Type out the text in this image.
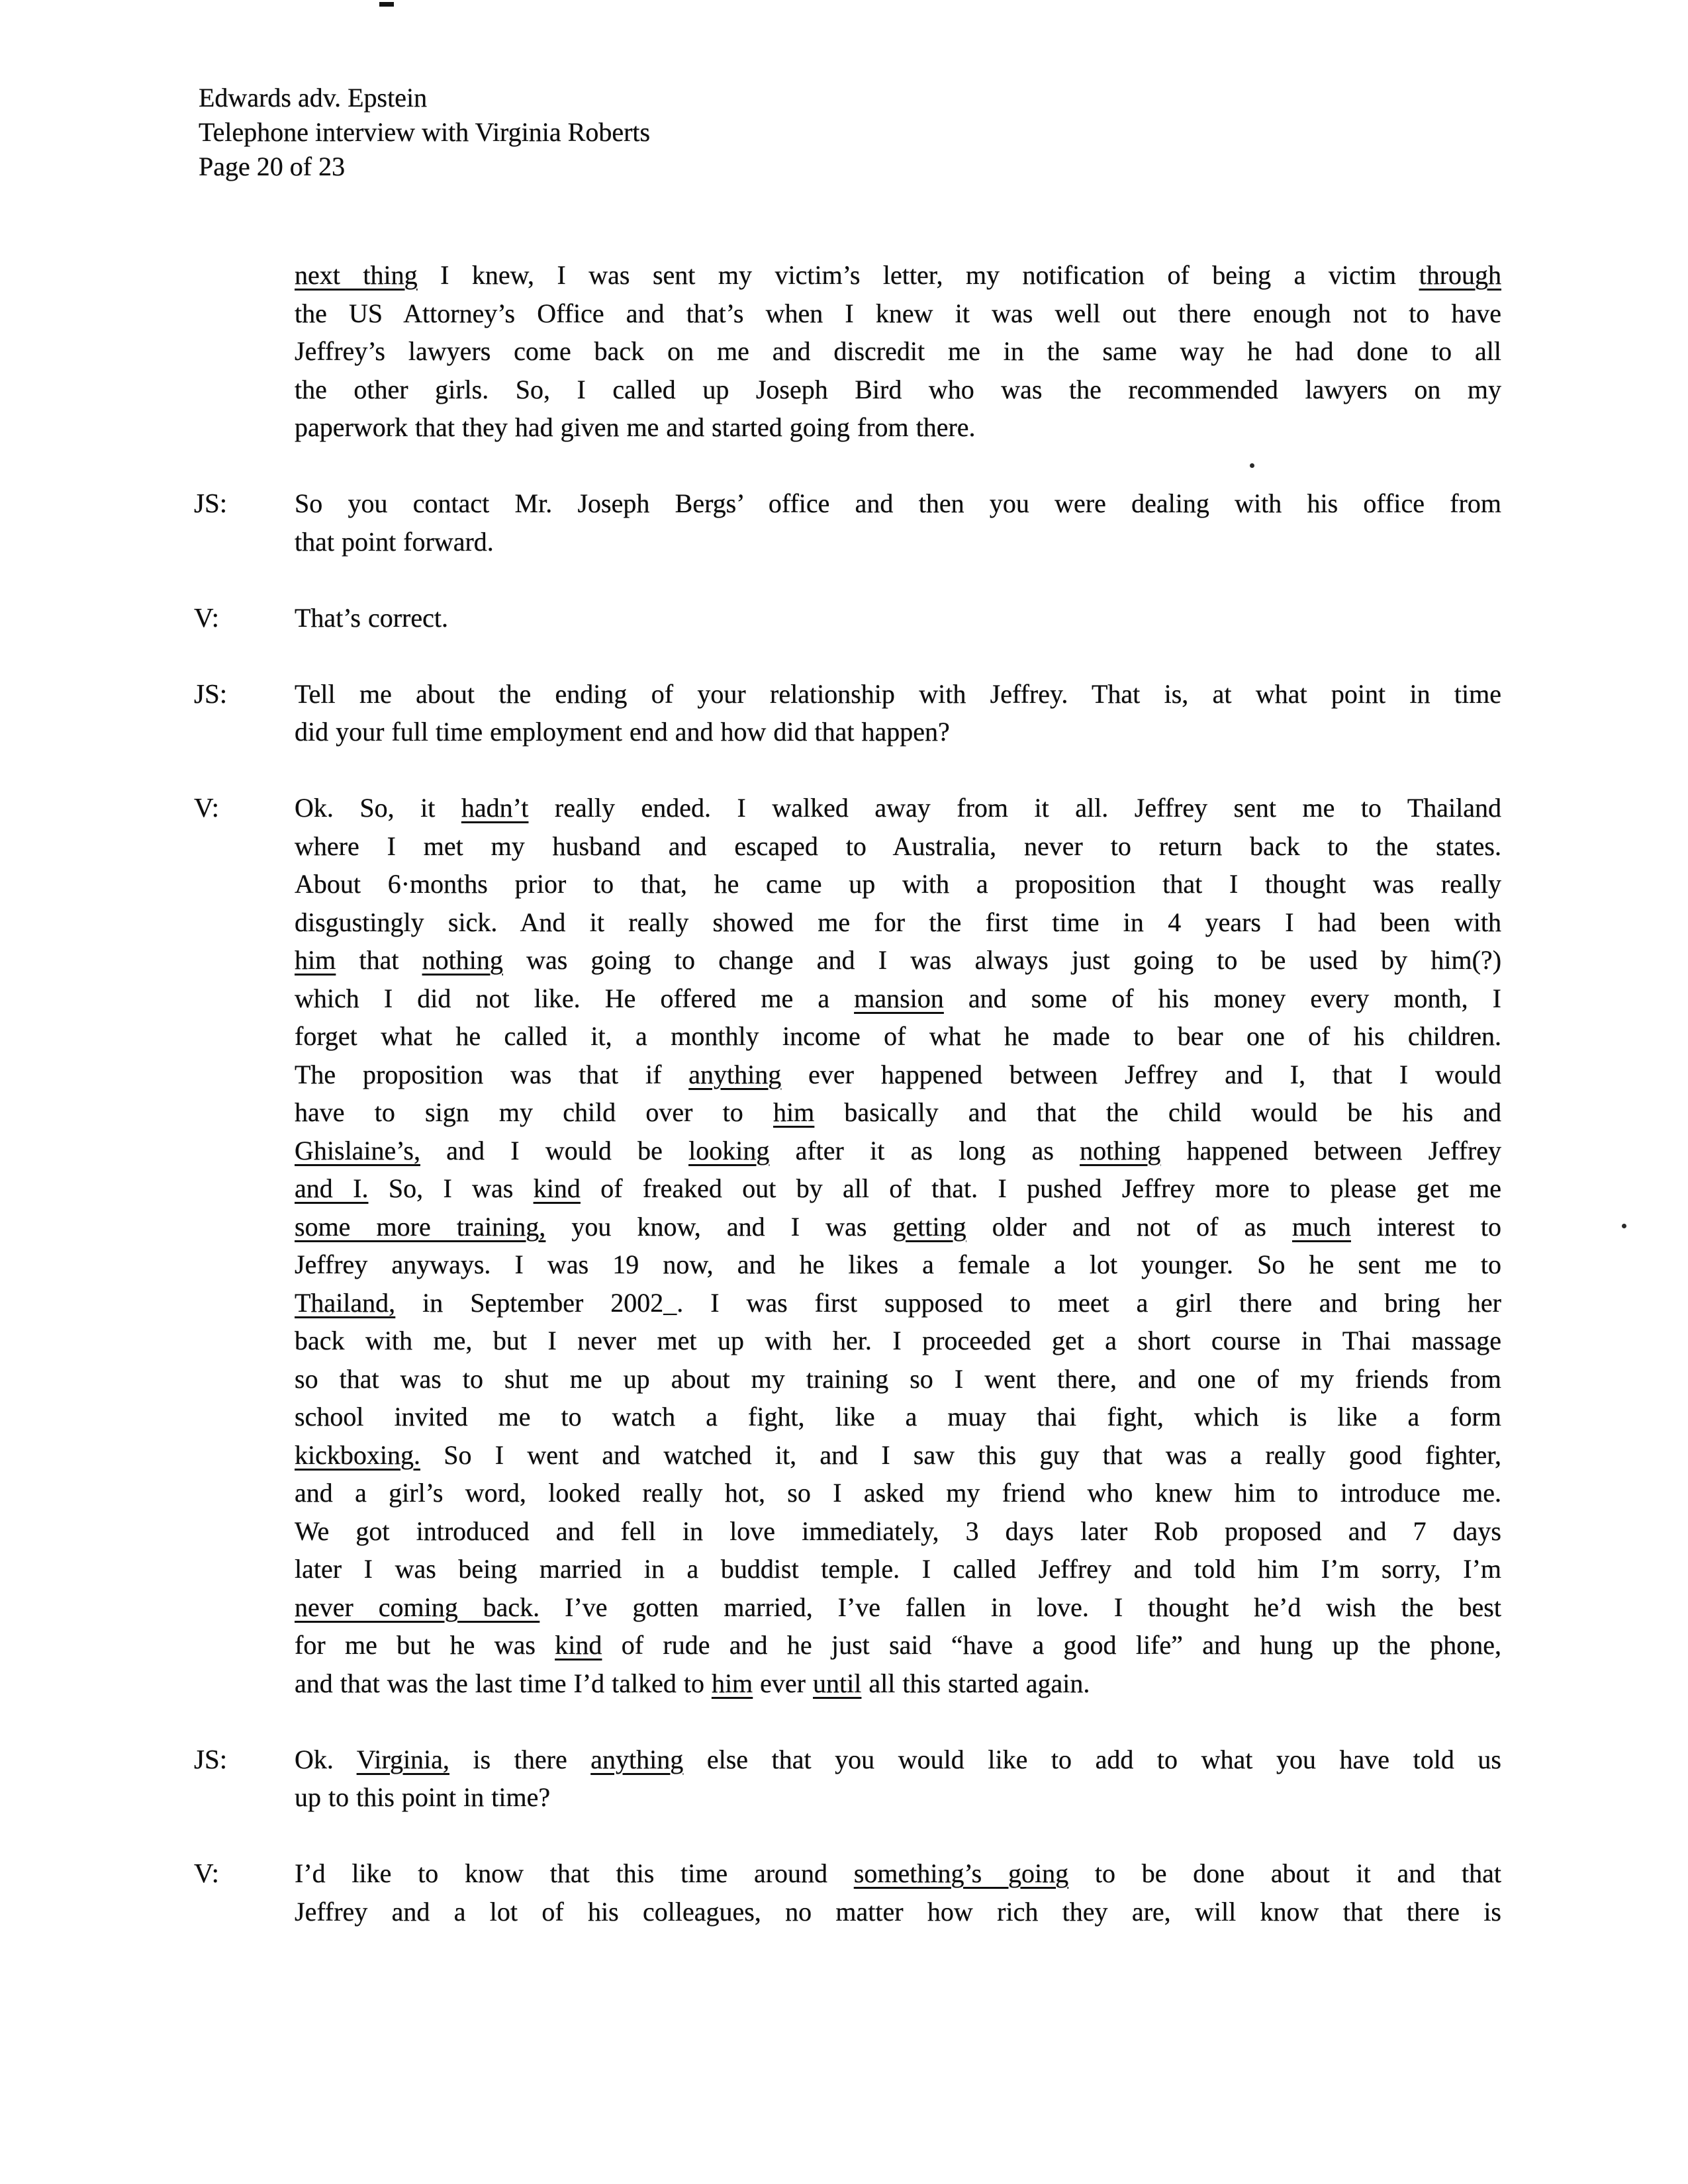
Edwards adv. Epstein
Telephone interview with Virginia Roberts
Page 20 of 23
next thing I knew, I was sent my victim’s letter, my notification of being a victim through
the US Attorney’s Office and that’s when I knew it was well out there enough not to have
Jeffrey’s lawyers come back on me and discredit me in the same way he had done to all
the other girls. So, I called up Joseph Bird who was the recommended lawyers on my
paperwork that they had given me and started going from there.
JS:	So you contact Mr. Joseph Bergs’ office and then you were dealing with his office from
that point forward.
V:	That’s correct.
JS:	Tell me about the ending of your relationship with Jeffrey. That is, at what point in time
did your full time employment end and how did that happen?
V:	Ok. So, it hadn’t really ended. I walked away from it all. Jeffrey sent me to Thailand
where I met my husband and escaped to Australia, never to return back to the states.
About 6·months prior to that, he came up with a proposition that I thought was really
disgustingly sick. And it really showed me for the first time in 4 years I had been with
him that nothing was going to change and I was always just going to be used by him(?)
which I did not like. He offered me a mansion and some of his money every month, I
forget what he called it, a monthly income of what he made to bear one of his children.
The proposition was that if anything ever happened between Jeffrey and I, that I would
have to sign my child over to him basically and that the child would be his and
Ghislaine’s, and I would be looking after it as long as nothing happened between Jeffrey
and I. So, I was kind of freaked out by all of that. I pushed Jeffrey more to please get me
some more training, you know, and I was getting older and not of as much interest to
Jeffrey anyways. I was 19 now, and he likes a female a lot younger. So he sent me to
Thailand, in September 2002_. I was first supposed to meet a girl there and bring her
back with me, but I never met up with her. I proceeded get a short course in Thai massage
so that was to shut me up about my training so I went there, and one of my friends from
school invited me to watch a fight, like a muay thai fight, which is like a form
kickboxing. So I went and watched it, and I saw this guy that was a really good fighter,
and a girl’s word, looked really hot, so I asked my friend who knew him to introduce me.
We got introduced and fell in love immediately, 3 days later Rob proposed and 7 days
later I was being married in a buddist temple. I called Jeffrey and told him I’m sorry, I’m
never coming back. I’ve gotten married, I’ve fallen in love. I thought he’d wish the best
for me but he was kind of rude and he just said “have a good life” and hung up the phone,
and that was the last time I’d talked to him ever until all this started again.
JS:	Ok. Virginia, is there anything else that you would like to add to what you have told us
up to this point in time?
V:	I’d like to know that this time around something’s going to be done about it and that
Jeffrey and a lot of his colleagues, no matter how rich they are, will know that there is
